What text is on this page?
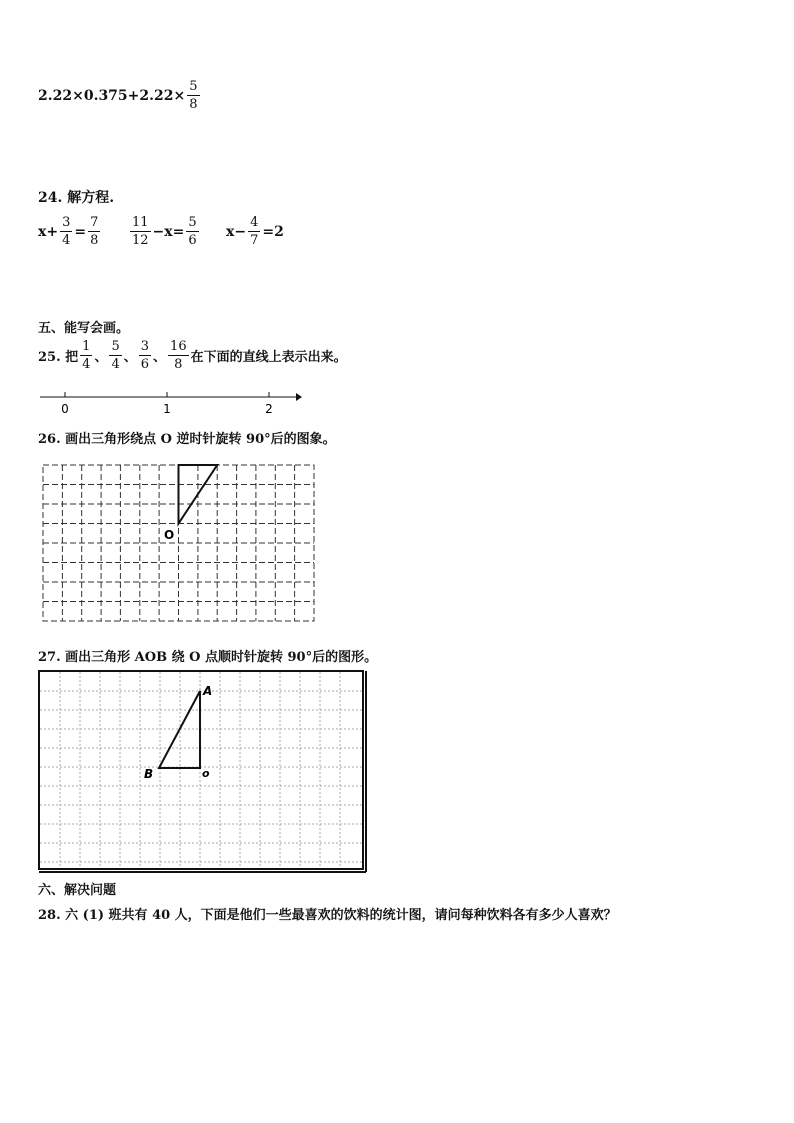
$2.22\times 0.375+2.22\times \frac{5}{8}$
24. 解方程.
$x+ \frac{3}{4} = \frac{7}{8} \frac{11}{12} -x= \frac{5}{6} x- \frac{4}{7} =2$
五、能写会画。
25. 把 $\frac{1}{4}$ 、 $\frac{5}{4}$ 、 $\frac{3}{6}$ 、 $\frac{16}{8}$ 在下面的直线上表示出来。
0	1	2
26. 画出三角形绕点 O 逆时针旋转 90°后的图象。
O
27. 画出三角形 AOB 绕 O 点顺时针旋转 90°后的图形。
A
B	o
六、解决问题
28. 六 (1) 班共有 40 人，下面是他们一些最喜欢的饮料的统计图，请问每种饮料各有多少人喜欢？
